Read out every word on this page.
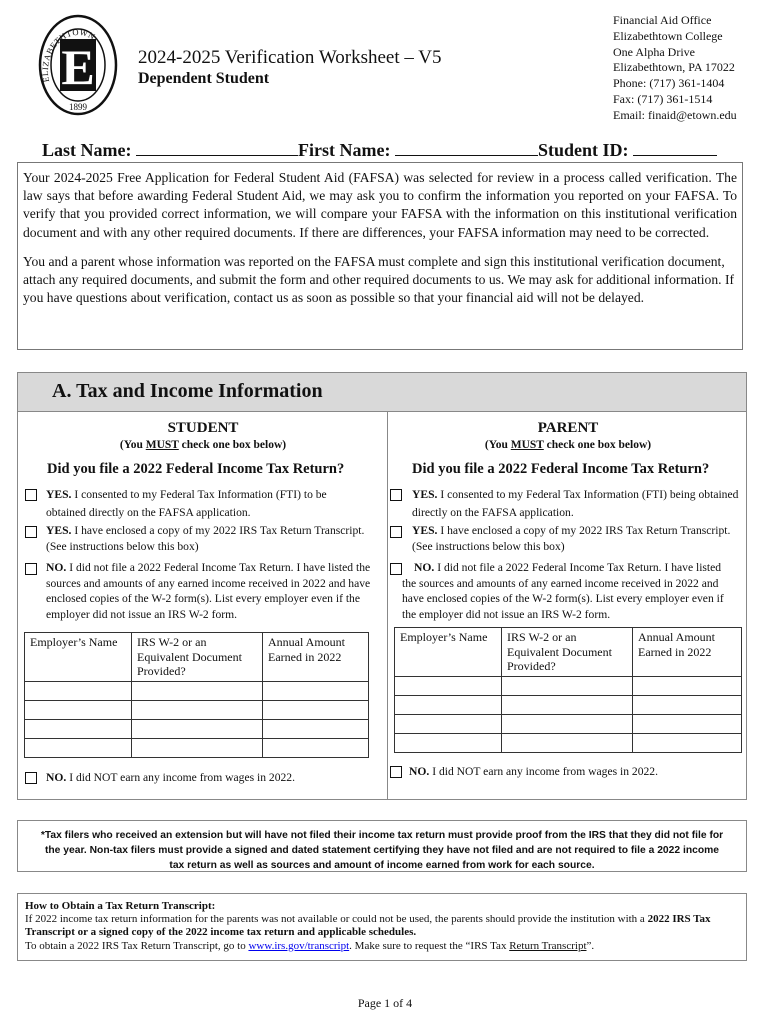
E
ELIZABETHTOWN
1899
2024-2025 Verification Worksheet – V5
Dependent Student
Financial Aid Office
Elizabethtown College
One Alpha Drive
Elizabethtown, PA 17022
Phone: (717) 361-1404
Fax: (717) 361-1514
Email: finaid@etown.edu
Last Name:	First Name:	Student ID:

Your 2024-2025 Free Application for Federal Student Aid (FAFSA) was selected for review in a process called verification. The law says that before awarding Federal Student Aid, we may ask you to confirm the information you reported on your FAFSA. To verify that you provided correct information, we will compare your FAFSA with the information on this institutional verification document and with any other required documents. If there are differences, your FAFSA information may need to be corrected.

You and a parent whose information was reported on the FAFSA must complete and sign this institutional verification document, attach any required documents, and submit the form and other required documents to us. We may ask for additional information. If you have questions about verification, contact us as soon as possible so that your financial aid will not be delayed.

A. Tax and Income Information
STUDENT
(You MUST check one box below)
Did you file a 2022 Federal Income Tax Return?
YES. I consented to my Federal Tax Information (FTI) to be obtained directly on the FAFSA application.
YES. I have enclosed a copy of my 2022 IRS Tax Return Transcript. (See instructions below this box)
NO. I did not file a 2022 Federal Income Tax Return. I have listed the sources and amounts of any earned income received in 2022 and have enclosed copies of the W-2 form(s). List every employer even if the employer did not issue an IRS W-2 form.
Employer’s Name	IRS W-2 or an Equivalent Document Provided?	Annual Amount Earned in 2022

NO. I did NOT earn any income from wages in 2022.
PARENT
(You MUST check one box below)
Did you file a 2022 Federal Income Tax Return?
YES. I consented to my Federal Tax Information (FTI) being obtained directly on the FAFSA application.
YES. I have enclosed a copy of my 2022 IRS Tax Return Transcript. (See instructions below this box)
NO. I did not file a 2022 Federal Income Tax Return. I have listed the sources and amounts of any earned income received in 2022 and have enclosed copies of the W-2 form(s). List every employer even if the employer did not issue an IRS W-2 form.
Employer’s Name	IRS W-2 or an Equivalent Document Provided?	Annual Amount Earned in 2022

NO. I did NOT earn any income from wages in 2022.
*Tax filers who received an extension but will have not filed their income tax return must provide proof from the IRS that they did not file for the year. Non-tax filers must provide a signed and dated statement certifying they have not filed and are not required to file a 2022 income tax return as well as sources and amount of income earned from work for each source.
How to Obtain a Tax Return Transcript:
If 2022 income tax return information for the parents was not available or could not be used, the parents should provide the institution with a 2022 IRS Tax Transcript or a signed copy of the 2022 income tax return and applicable schedules.
To obtain a 2022 IRS Tax Return Transcript, go to www.irs.gov/transcript. Make sure to request the “IRS Tax Return Transcript”.
Page 1 of 4
